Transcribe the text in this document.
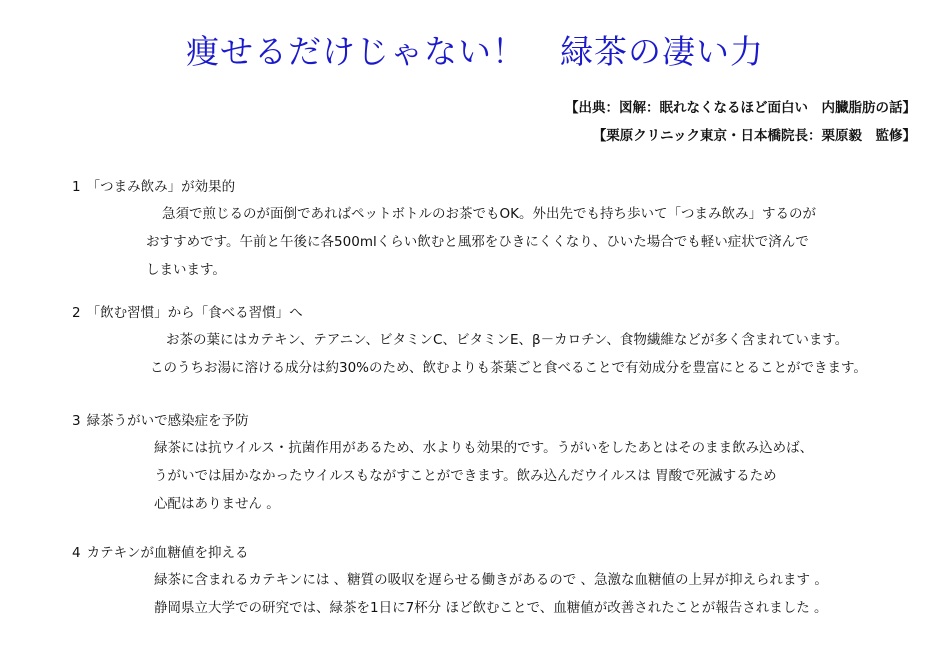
痩せるだけじゃない！　緑茶の凄い力
【出典：図解：眠れなくなるほど面白い　内臓脂肪の話】
【栗原クリニック東京・日本橋院長：栗原毅　監修】
1 「つまみ飲み」が効果的
急須で煎じるのが面倒であればペットボトルのお茶でもOK。外出先でも持ち歩いて「つまみ飲み」するのが
おすすめです。午前と午後に各500mlくらい飲むと風邪をひきにくくなり、ひいた場合でも軽い症状で済んで
しまいます。
2 「飲む習慣」から「食べる習慣」へ
お茶の葉にはカテキン、テアニン、ビタミンC、ビタミンE、β－カロチン、食物繊維などが多く含まれています。
このうちお湯に溶ける成分は約30%のため、飲むよりも茶葉ごと食べることで有効成分を豊富にとることができます。
3 緑茶うがいで感染症を予防
緑茶には抗ウイルス・抗菌作用があるため、水よりも効果的です。うがいをしたあとはそのまま飲み込めば、
うがいでは届かなかったウイルスもながすことができます。飲み込んだウイルスは 胃酸で死滅するため
心配はありません 。
4 カテキンが血糖値を抑える
緑茶に含まれるカテキンには 、糖質の吸収を遅らせる働きがあるので 、急激な血糖値の上昇が抑えられます 。
静岡県立大学での研究では、緑茶を1日に7杯分 ほど飲むことで、血糖値が改善されたことが報告されました 。
